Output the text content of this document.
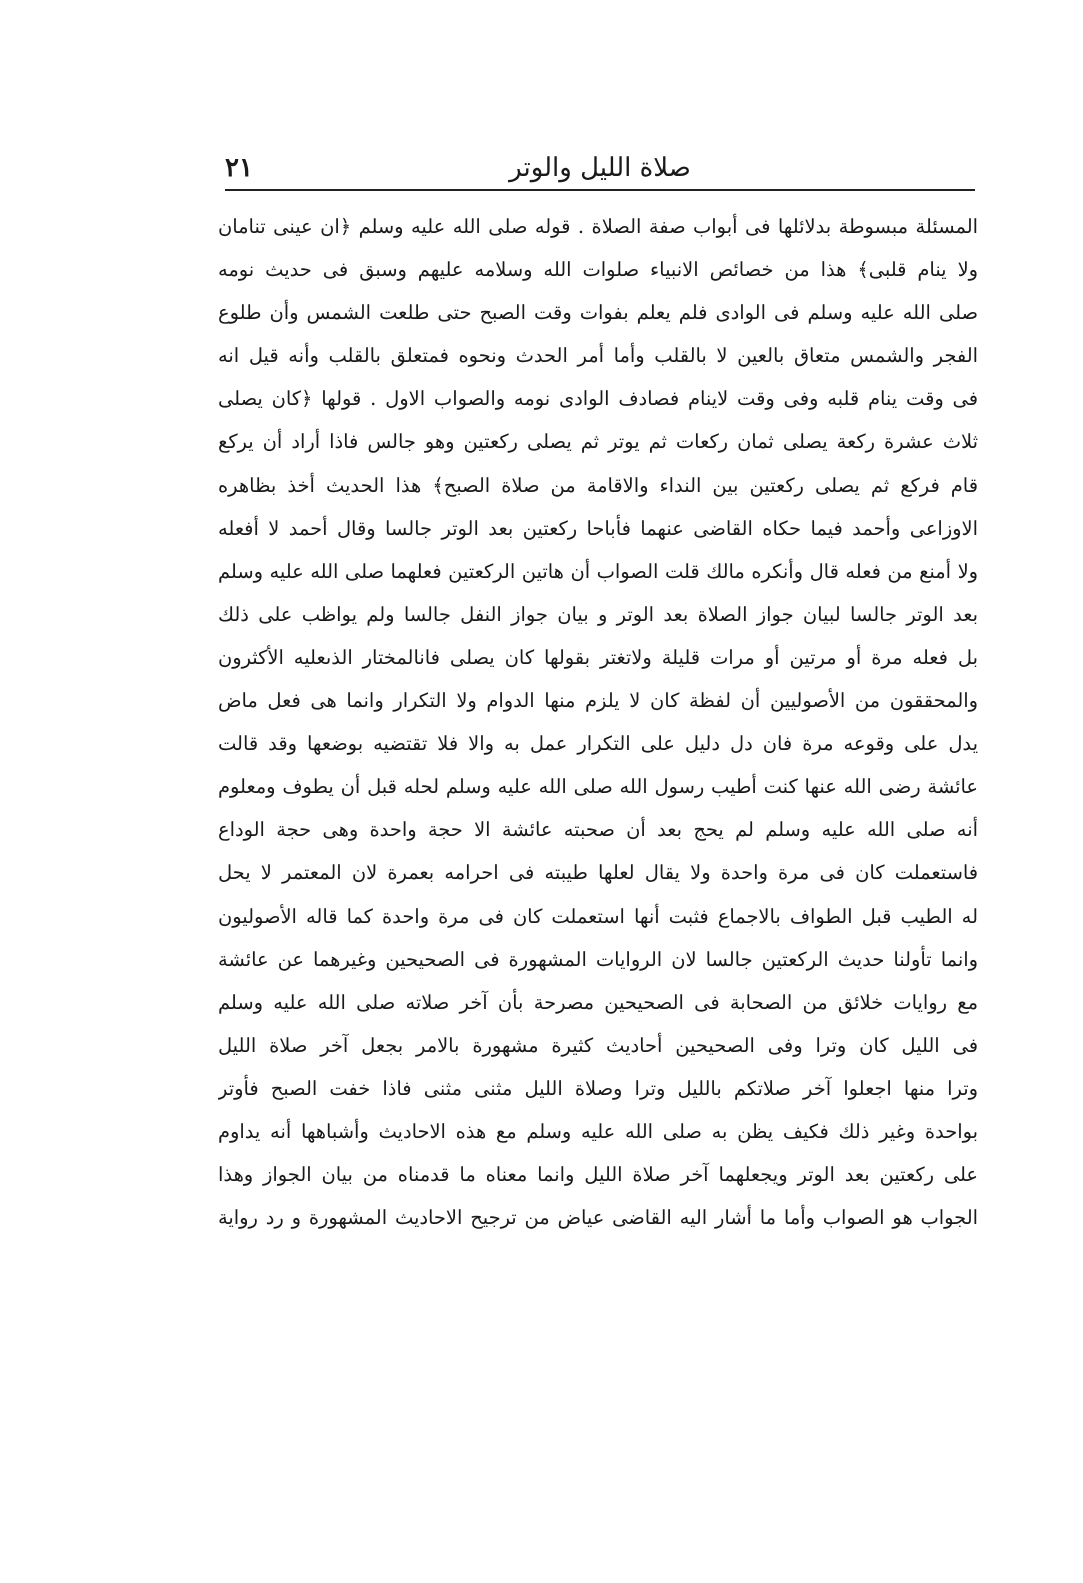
صلاة الليل والوتر
٢١
المسئلة مبسوطة بدلائلها فى أبواب صفة الصلاة . قوله صلى الله عليه وسلم ﴿ان عينى تنامان
ولا ينام قلبى﴾ هذا من خصائص الانبياء صلوات الله وسلامه عليهم وسبق فى حديث نومه
صلى الله عليه وسلم فى الوادى فلم يعلم بفوات وقت الصبح حتى طلعت الشمس وأن طلوع
الفجر والشمس متعاق بالعين لا بالقلب وأما أمر الحدث ونحوه فمتعلق بالقلب وأنه قيل انه
فى وقت ينام قلبه وفى وقت لاينام فصادف الوادى نومه والصواب الاول . قولها ﴿كان يصلى
ثلاث عشرة ركعة يصلى ثمان ركعات ثم يوتر ثم يصلى ركعتين وهو جالس فاذا أراد أن يركع
قام فركع ثم يصلى ركعتين بين النداء والاقامة من صلاة الصبح﴾ هذا الحديث أخذ بظاهره
الاوزاعى وأحمد فيما حكاه القاضى عنهما فأباحا ركعتين بعد الوتر جالسا وقال أحمد لا أفعله
ولا أمنع من فعله قال وأنكره مالك قلت الصواب أن هاتين الركعتين فعلهما صلى الله عليه وسلم
بعد الوتر جالسا لبيان جواز الصلاة بعد الوتر و بيان جواز النفل جالسا ولم يواظب على ذلك
بل فعله مرة أو مرتين أو مرات قليلة ولاتغتر بقولها كان يصلى فانالمختار الذىعليه الأكثرون
والمحققون من الأصوليين أن لفظة كان لا يلزم منها الدوام ولا التكرار وانما هى فعل ماض
يدل على وقوعه مرة فان دل دليل على التكرار عمل به والا فلا تقتضيه بوضعها وقد قالت
عائشة رضى الله عنها كنت أطيب رسول الله صلى الله عليه وسلم لحله قبل أن يطوف ومعلوم
أنه صلى الله عليه وسلم لم يحج بعد أن صحبته عائشة الا حجة واحدة وهى حجة الوداع
فاستعملت كان فى مرة واحدة ولا يقال لعلها طيبته فى احرامه بعمرة لان المعتمر لا يحل
له الطيب قبل الطواف بالاجماع فثبت أنها استعملت كان فى مرة واحدة كما قاله الأصوليون
وانما تأولنا حديث الركعتين جالسا لان الروايات المشهورة فى الصحيحين وغيرهما عن عائشة
مع روايات خلائق من الصحابة فى الصحيحين مصرحة بأن آخر صلاته صلى الله عليه وسلم
فى الليل كان وترا وفى الصحيحين أحاديث كثيرة مشهورة بالامر بجعل آخر صلاة الليل
وترا منها اجعلوا آخر صلاتكم بالليل وترا وصلاة الليل مثنى مثنى فاذا خفت الصبح فأوتر
بواحدة وغير ذلك فكيف يظن به صلى الله عليه وسلم مع هذه الاحاديث وأشباهها أنه يداوم
على ركعتين بعد الوتر ويجعلهما آخر صلاة الليل وانما معناه ما قدمناه من بيان الجواز وهذا
الجواب هو الصواب وأما ما أشار اليه القاضى عياض من ترجيح الاحاديث المشهورة و رد رواية
